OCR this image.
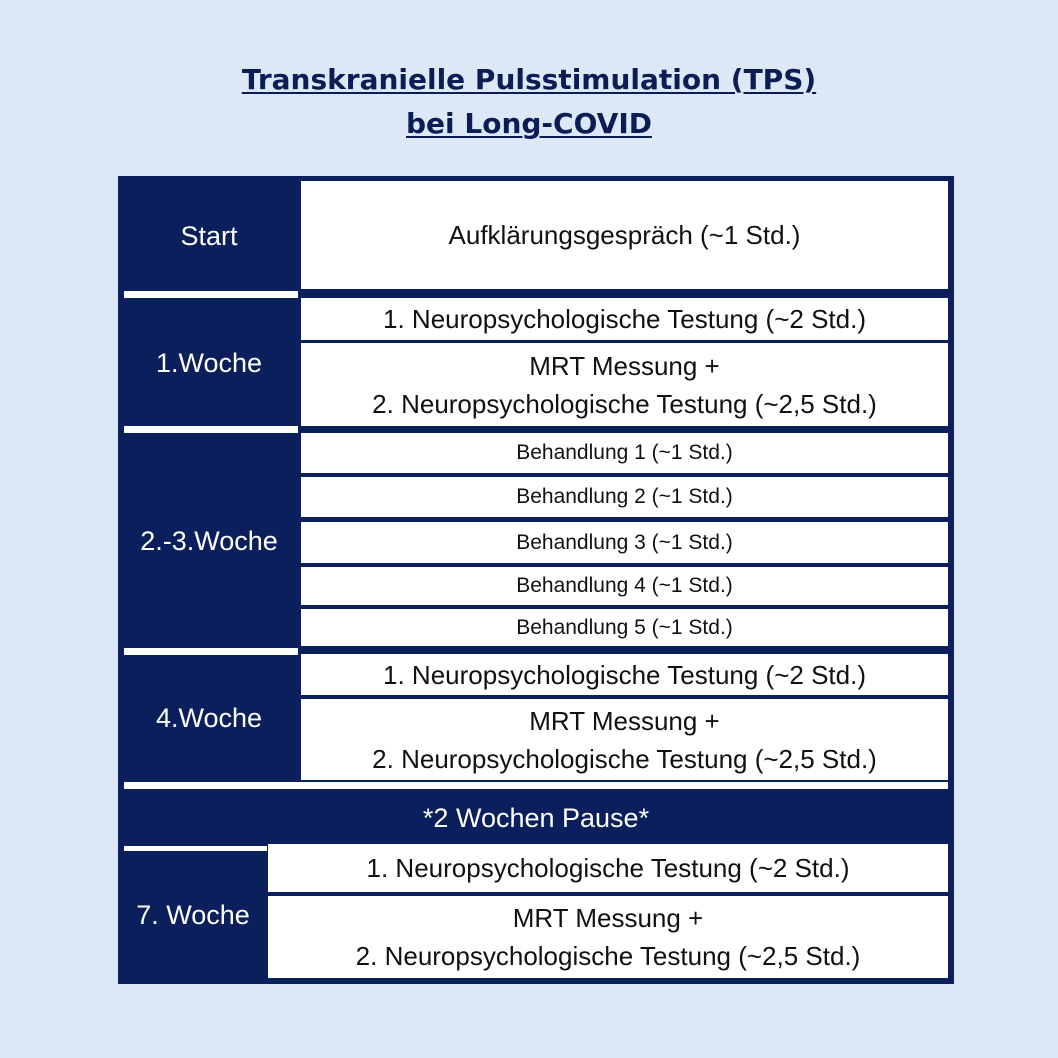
Transkranielle Pulsstimulation (TPS)
bei Long-COVID
Start	Aufklärungsgespräch (~1 Std.)
1.Woche
1. Neuropsychologische Testung (~2 Std.)
MRT Messung +
2. Neuropsychologische Testung (~2,5 Std.)
2.-3.Woche
Behandlung 1 (~1 Std.)
Behandlung 2 (~1 Std.)
Behandlung 3 (~1 Std.)
Behandlung 4 (~1 Std.)
Behandlung 5 (~1 Std.)
4.Woche
1. Neuropsychologische Testung (~2 Std.)
MRT Messung +
2. Neuropsychologische Testung (~2,5 Std.)
*2 Wochen Pause*
7. Woche
1. Neuropsychologische Testung (~2 Std.)
MRT Messung +
2. Neuropsychologische Testung (~2,5 Std.)
